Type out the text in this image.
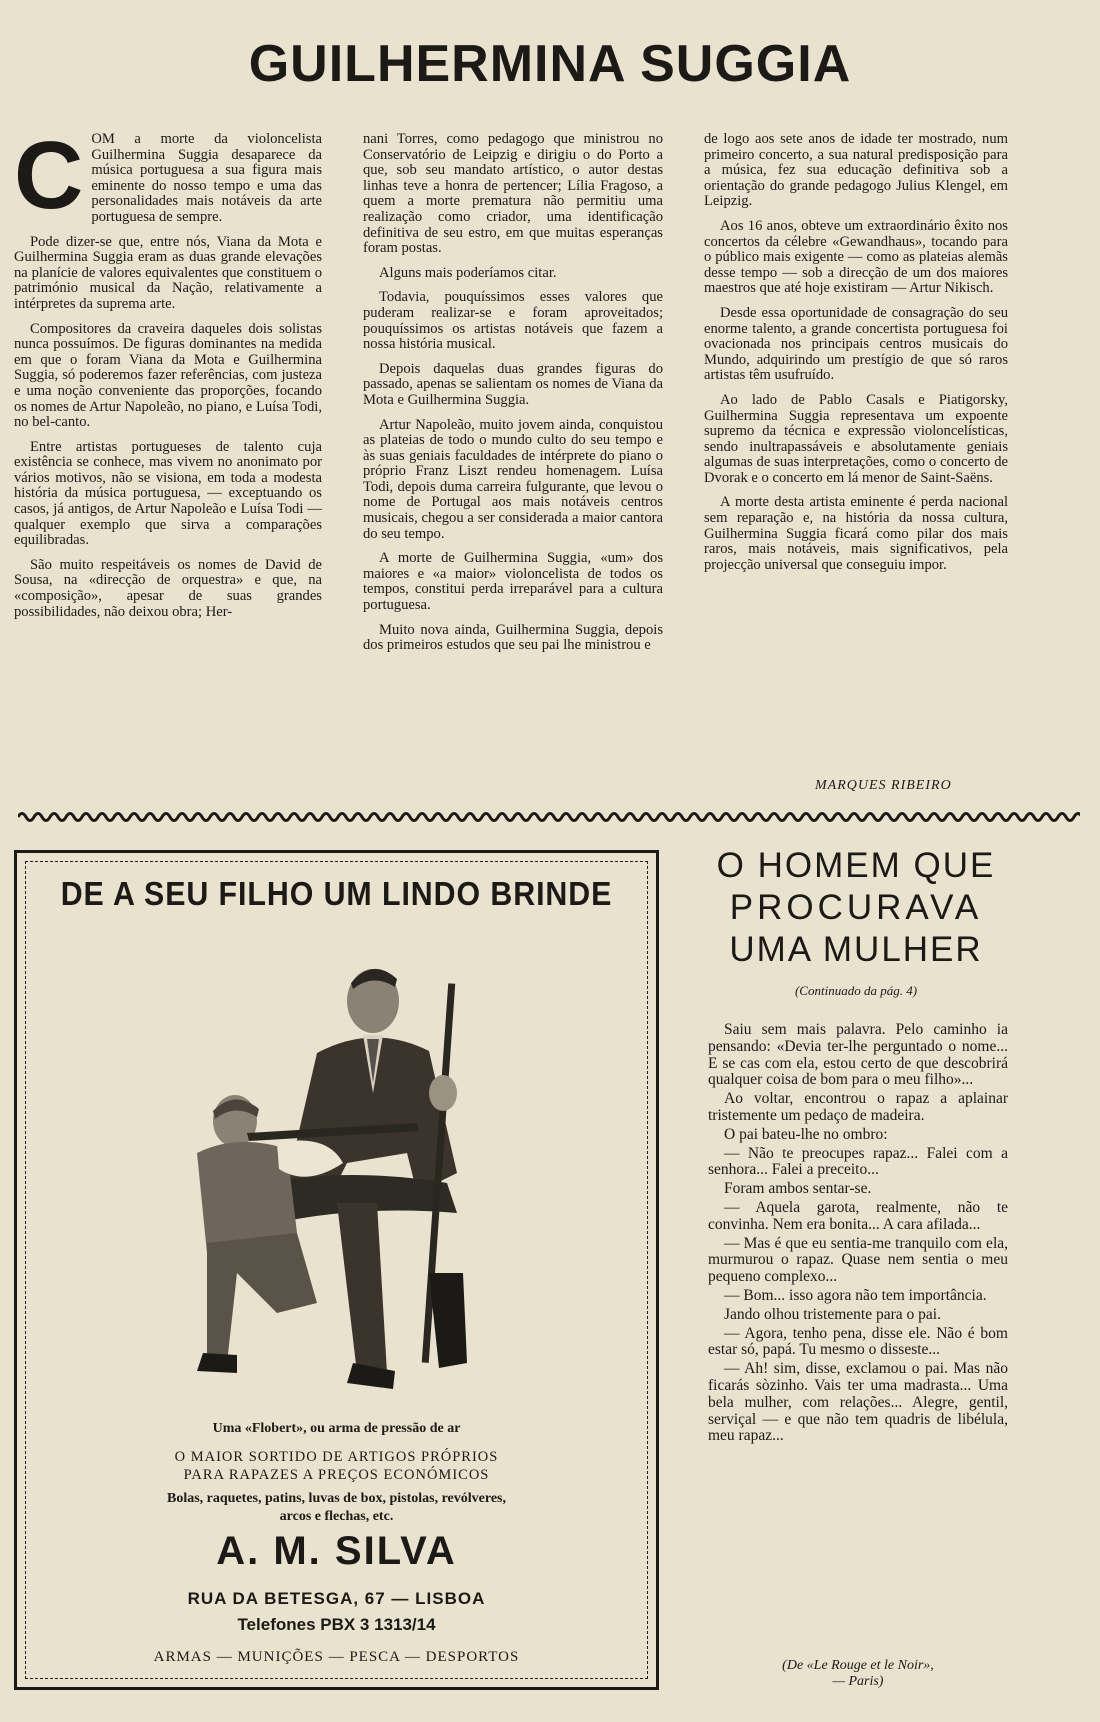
GUILHERMINA SUGGIA

COM a morte da violoncelista Guilhermina Suggia desaparece da música portuguesa a sua figura mais eminente do nosso tempo e uma das personalidades mais notáveis da arte portuguesa de sempre.

Pode dizer-se que, entre nós, Viana da Mota e Guilhermina Suggia eram as duas grande elevações na planície de valores equivalentes que constituem o património musical da Nação, relativamente a intérpretes da suprema arte.

Compositores da craveira daqueles dois solistas nunca possuímos. De figuras dominantes na medida em que o foram Viana da Mota e Guilhermina Suggia, só poderemos fazer referências, com justeza e uma noção conveniente das proporções, focando os nomes de Artur Napoleão, no piano, e Luísa Todi, no bel-canto.

Entre artistas portugueses de talento cuja existência se conhece, mas vivem no anonimato por vários motivos, não se visiona, em toda a modesta história da música portuguesa, — exceptuando os casos, já antigos, de Artur Napoleão e Luísa Todi — qualquer exemplo que sirva a comparações equilibradas.

São muito respeitáveis os nomes de David de Sousa, na «direcção de orquestra» e que, na «composição», apesar de suas grandes possibilidades, não deixou obra; Her-

nani Torres, como pedagogo que ministrou no Conservatório de Leipzig e dirigiu o do Porto a que, sob seu mandato artístico, o autor destas linhas teve a honra de pertencer; Lília Fragoso, a quem a morte prematura não permitiu uma realização como criador, uma identificação definitiva de seu estro, em que muitas esperanças foram postas.

Alguns mais poderíamos citar.

Todavia, pouquíssimos esses valores que puderam realizar-se e foram aproveitados; pouquíssimos os artistas notáveis que fazem a nossa história musical.

Depois daquelas duas grandes figuras do passado, apenas se salientam os nomes de Viana da Mota e Guilhermina Suggia.

Artur Napoleão, muito jovem ainda, conquistou as plateias de todo o mundo culto do seu tempo e às suas geniais faculdades de intérprete do piano o próprio Franz Liszt rendeu homenagem. Luísa Todi, depois duma carreira fulgurante, que levou o nome de Portugal aos mais notáveis centros musicais, chegou a ser considerada a maior cantora do seu tempo.

A morte de Guilhermina Suggia, «um» dos maiores e «a maior» violoncelista de todos os tempos, constitui perda irreparável para a cultura portuguesa.

Muito nova ainda, Guilhermina Suggia, depois dos primeiros estudos que seu pai lhe ministrou e

de logo aos sete anos de idade ter mostrado, num primeiro concerto, a sua natural predisposição para a música, fez sua educação definitiva sob a orientação do grande pedagogo Julius Klengel, em Leipzig.

Aos 16 anos, obteve um extraordinário êxito nos concertos da célebre «Gewandhaus», tocando para o público mais exigente — como as plateias alemãs desse tempo — sob a direcção de um dos maiores maestros que até hoje existiram — Artur Nikisch.

Desde essa oportunidade de consagração do seu enorme talento, a grande concertista portuguesa foi ovacionada nos principais centros musicais do Mundo, adquirindo um prestígio de que só raros artistas têm usufruído.

Ao lado de Pablo Casals e Piatigorsky, Guilhermina Suggia representava um expoente supremo da técnica e expressão violoncelísticas, sendo inultrapassáveis e absolutamente geniais algumas de suas interpretações, como o concerto de Dvorak e o concerto em lá menor de Saint-Saëns.

A morte desta artista eminente é perda nacional sem reparação e, na história da nossa cultura, Guilhermina Suggia ficará como pilar dos mais raros, mais notáveis, mais significativos, pela projecção universal que conseguiu impor.

MARQUES RIBEIRO
DE A SEU FILHO UM LINDO BRINDE
Uma «Flobert», ou arma de pressão de ar
O MAIOR SORTIDO DE ARTIGOS PRÓPRIOS
PARA RAPAZES A PREÇOS ECONÓMICOS
Bolas, raquetes, patins, luvas de box, pistolas, revólveres,
arcos e flechas, etc.
A. M. SILVA
RUA DA BETESGA, 67 — LISBOA
Telefones PBX 3 1313/14
ARMAS — MUNIÇÕES — PESCA — DESPORTOS
O HOMEM QUE
PROCURAVA
UMA MULHER
(Continuado da pág. 4)

Saiu sem mais palavra. Pelo caminho ia pensando: «Devia ter-lhe perguntado o nome... E se cas com ela, estou certo de que descobrirá qualquer coisa de bom para o meu filho»...

Ao voltar, encontrou o rapaz a aplainar tristemente um pedaço de madeira.

O pai bateu-lhe no ombro:

— Não te preocupes rapaz... Falei com a senhora... Falei a preceito...

Foram ambos sentar-se.

— Aquela garota, realmente, não te convinha. Nem era bonita... A cara afilada...

— Mas é que eu sentia-me tranquilo com ela, murmurou o rapaz. Quase nem sentia o meu pequeno complexo...

— Bom... isso agora não tem importância.

Jando olhou tristemente para o pai.

— Agora, tenho pena, disse ele. Não é bom estar só, papá. Tu mesmo o disseste...

— Ah! sim, disse, exclamou o pai. Mas não ficarás sòzinho. Vais ter uma madrasta... Uma bela mulher, com relações... Alegre, gentil, serviçal — e que não tem quadris de libélula, meu rapaz...

(De «Le Rouge et le Noir»,
— Paris)
